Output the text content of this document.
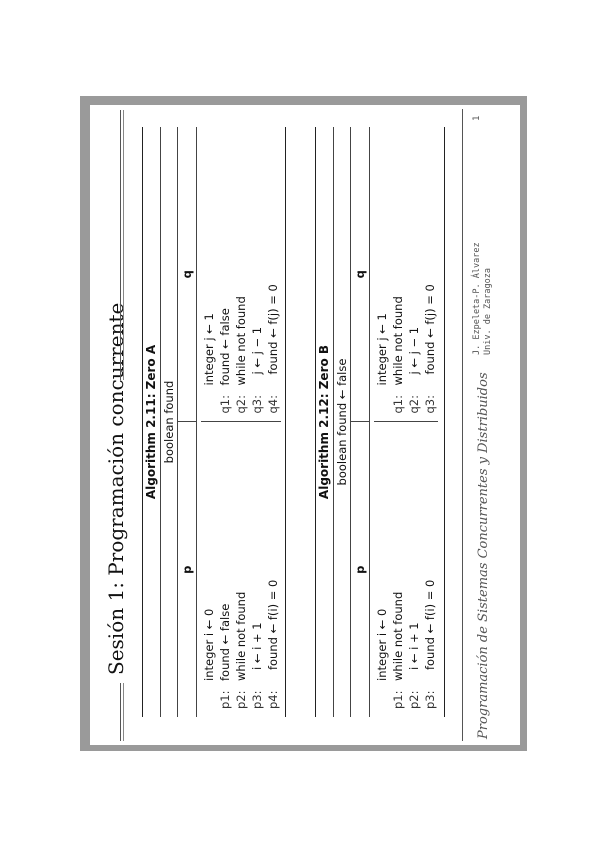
Sesión 1: Programación concurrente Algorithm 2.11: Zero A boolean found
p
q
integer i ← 0
p1:
found ← false
p2:
while not found
p3:
i ← i + 1
p4:
found ← f(i) = 0
integer j ← 1
q1:
found ← false
q2:
while not found
q3:
j ← j − 1
q4:
found ← f(j) = 0
Algorithm 2.12: Zero B boolean found ← false
p
q
integer i ← 0
p1:
while not found
p2:
i ← i + 1
p3:
found ← f(i) = 0
integer j ← 1
q1:
while not found
q2:
j ← j − 1
q3:
found ← f(j) = 0
Programación de Sistemas Concurrentes y Distribuidos
J. Ezpeleta-P. Álvarez Univ. de Zaragoza
1
